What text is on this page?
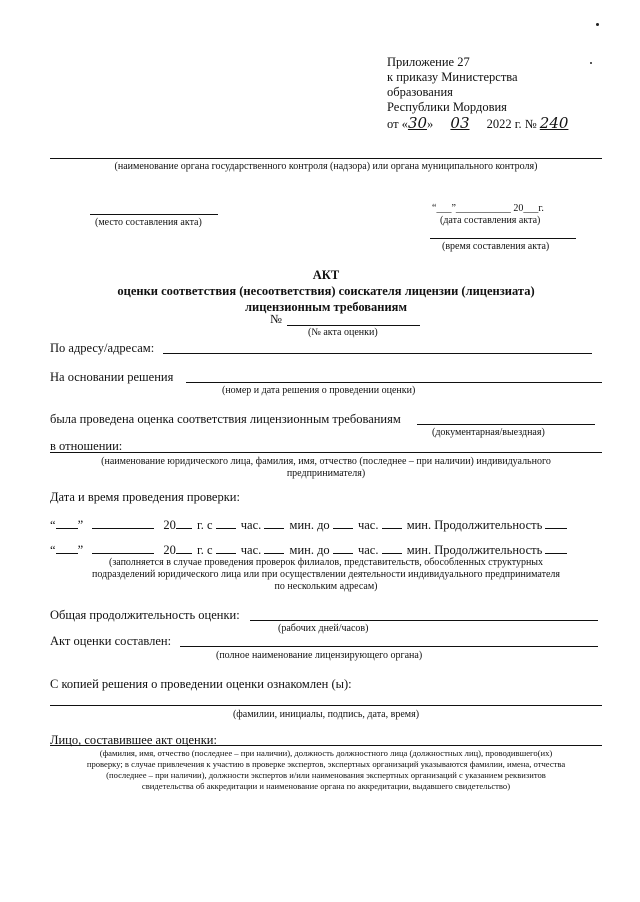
Приложение 27
к приказу Министерства
образования
Республики Мордовия
от «30» 03 2022 г. № 240
(наименование органа государственного контроля (надзора) или органа муниципального контроля)
(место составления акта)
“___”___________ 20___г.
(дата составления акта)
(время составления акта)
АКТ
оценки соответствия (несоответствия) соискателя лицензии (лицензиата)
лицензионным требованиям
№
(№ акта оценки)
По адресу/адресам:
На основании решения
(номер и дата решения о проведении оценки)
была проведена оценка соответствия лицензионным требованиям
(документарная/выездная)
в отношении:
(наименование юридического лица, фамилия, имя, отчество (последнее – при наличии) индивидуального
предпринимателя)
Дата и время проведения проверки:
“ ”	20 г. с час. мин. до час. мин. Продолжительность
“ ”	20 г. с час. мин. до час. мин. Продолжительность
(заполняется в случае проведения проверок филиалов, представительств, обособленных структурных
подразделений юридического лица или при осуществлении деятельности индивидуального предпринимателя
по нескольким адресам)
Общая продолжительность оценки:
(рабочих дней/часов)
Акт оценки составлен:
(полное наименование лицензирующего органа)
С копией решения о проведении оценки ознакомлен (ы):
(фамилии, инициалы, подпись, дата, время)
Лицо, составившее акт оценки:
(фамилия, имя, отчество (последнее – при наличии), должность должностного лица (должностных лиц), проводившего(их)
проверку; в случае привлечения к участию в проверке экспертов, экспертных организаций указываются фамилии, имена, отчества
(последнее – при наличии), должности экспертов и/или наименования экспертных организаций с указанием реквизитов
свидетельства об аккредитации и наименование органа по аккредитации, выдавшего свидетельство)
